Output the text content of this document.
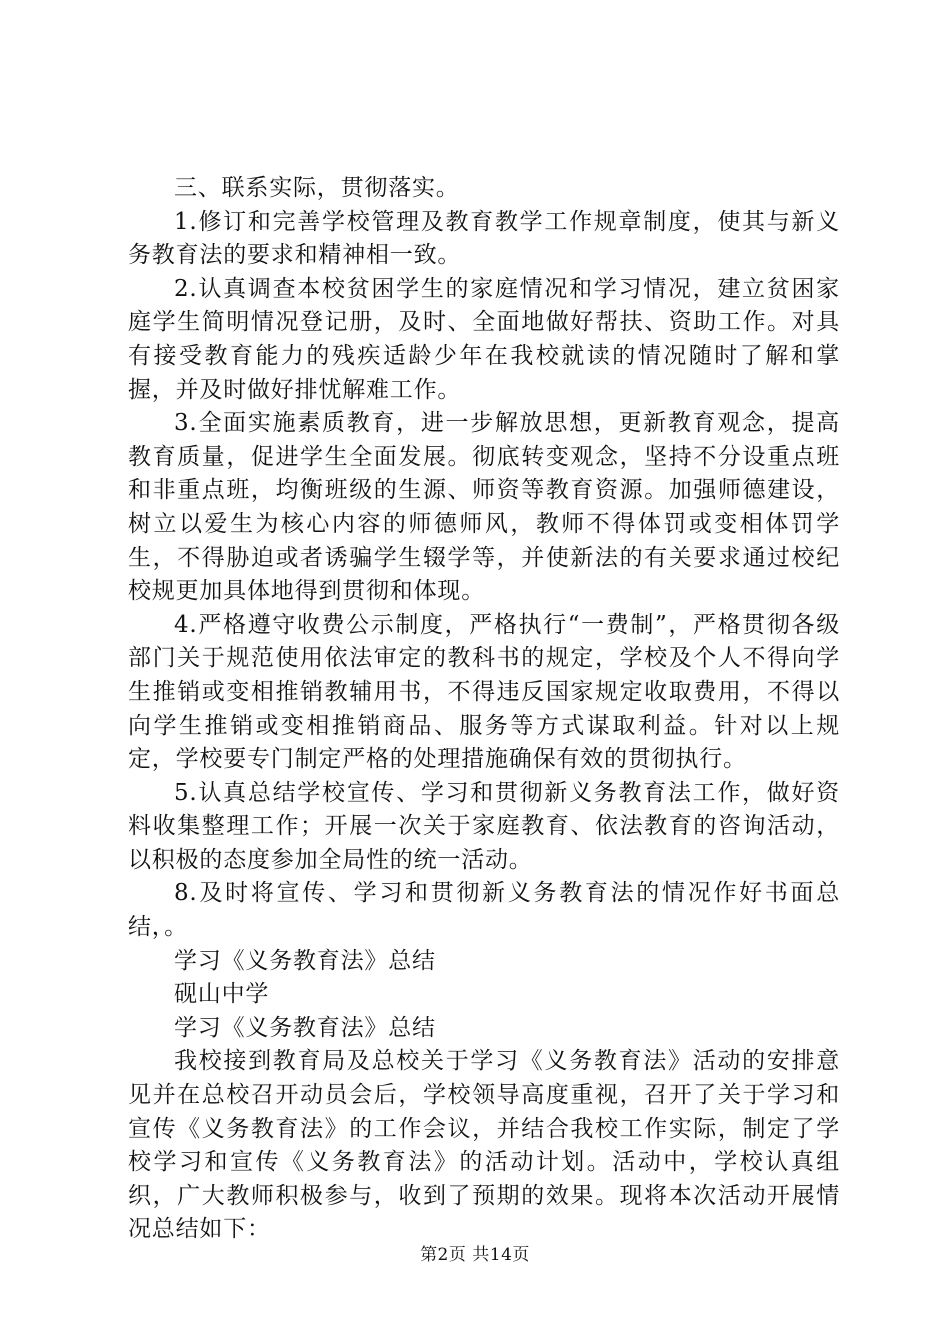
三、联系实际，贯彻落实。

1.修订和完善学校管理及教育教学工作规章制度，使其与新义务教育法的要求和精神相一致。

2.认真调查本校贫困学生的家庭情况和学习情况，建立贫困家庭学生简明情况登记册，及时、全面地做好帮扶、资助工作。对具有接受教育能力的残疾适龄少年在我校就读的情况随时了解和掌握，并及时做好排忧解难工作。

3.全面实施素质教育，进一步解放思想，更新教育观念，提高教育质量，促进学生全面发展。彻底转变观念，坚持不分设重点班和非重点班，均衡班级的生源、师资等教育资源。加强师德建设，树立以爱生为核心内容的师德师风，教师不得体罚或变相体罚学生，不得胁迫或者诱骗学生辍学等，并使新法的有关要求通过校纪校规更加具体地得到贯彻和体现。

4.严格遵守收费公示制度，严格执行“一费制”，严格贯彻各级部门关于规范使用依法审定的教科书的规定，学校及个人不得向学生推销或变相推销教辅用书，不得违反国家规定收取费用，不得以向学生推销或变相推销商品、服务等方式谋取利益。针对以上规定，学校要专门制定严格的处理措施确保有效的贯彻执行。

5.认真总结学校宣传、学习和贯彻新义务教育法工作，做好资料收集整理工作；开展一次关于家庭教育、依法教育的咨询活动，以积极的态度参加全局性的统一活动。

8.及时将宣传、学习和贯彻新义务教育法的情况作好书面总结，。

学习《义务教育法》总结

砚山中学

学习《义务教育法》总结

我校接到教育局及总校关于学习《义务教育法》活动的安排意见并在总校召开动员会后，学校领导高度重视，召开了关于学习和宣传《义务教育法》的工作会议，并结合我校工作实际，制定了学校学习和宣传《义务教育法》的活动计划。活动中，学校认真组织，广大教师积极参与，收到了预期的效果。现将本次活动开展情况总结如下：

第2页 共14页
